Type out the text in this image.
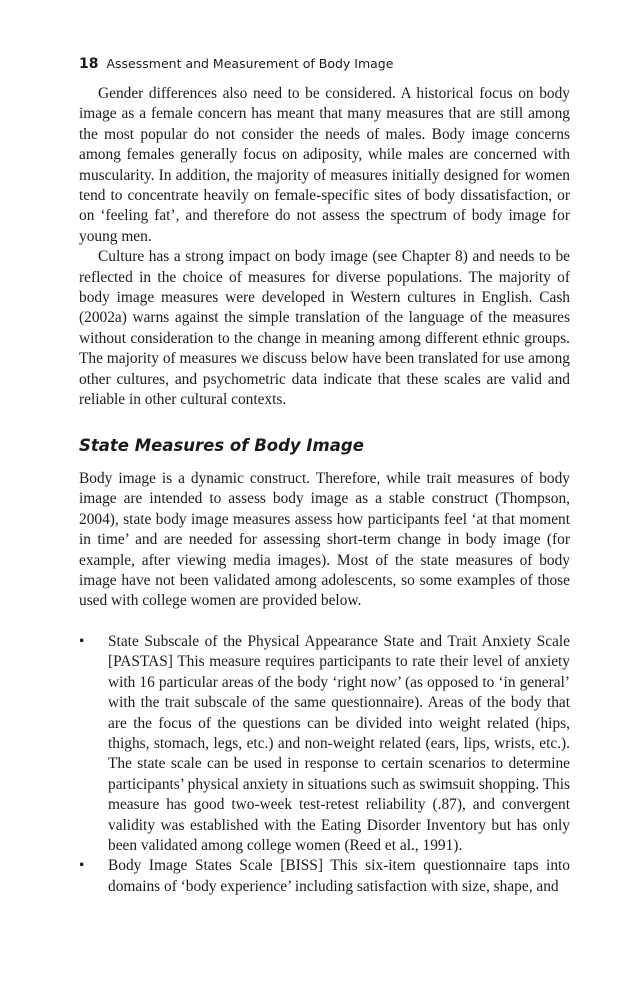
18 Assessment and Measurement of Body Image

Gender differences also need to be considered. A historical focus on body image as a female concern has meant that many measures that are still among the most popular do not consider the needs of males. Body image concerns among females generally focus on adiposity, while males are concerned with muscularity. In addition, the majority of measures initially designed for women tend to concentrate heavily on female-specific sites of body dissatisfaction, or on ‘feeling fat’, and therefore do not assess the spectrum of body image for young men.

Culture has a strong impact on body image (see Chapter 8) and needs to be reflected in the choice of measures for diverse populations. The majority of body image measures were developed in Western cultures in English. Cash (2002a) warns against the simple translation of the language of the measures without consideration to the change in meaning among different ethnic groups. The majority of measures we discuss below have been translated for use among other cultures, and psychometric data indicate that these scales are valid and reliable in other cultural contexts.

State Measures of Body Image

Body image is a dynamic construct. Therefore, while trait measures of body image are intended to assess body image as a stable construct (Thompson, 2004), state body image measures assess how participants feel ‘at that moment in time’ and are needed for assessing short-term change in body image (for example, after viewing media images). Most of the state measures of body image have not been validated among adolescents, so some examples of those used with college women are provided below.

• State Subscale of the Physical Appearance State and Trait Anxiety Scale [PASTAS] This measure requires participants to rate their level of anxiety with 16 particular areas of the body ‘right now’ (as opposed to ‘in general’ with the trait subscale of the same questionnaire). Areas of the body that are the focus of the questions can be divided into weight related (hips, thighs, stomach, legs, etc.) and non-weight related (ears, lips, wrists, etc.). The state scale can be used in response to certain scenarios to determine participants’ physical anxiety in situations such as swimsuit shopping. This measure has good two-week test-retest reliability (.87), and convergent validity was established with the Eating Disorder Inventory but has only been validated among college women (Reed et al., 1991).
• Body Image States Scale [BISS] This six-item questionnaire taps into domains of ‘body experience’ including satisfaction with size, shape, and
